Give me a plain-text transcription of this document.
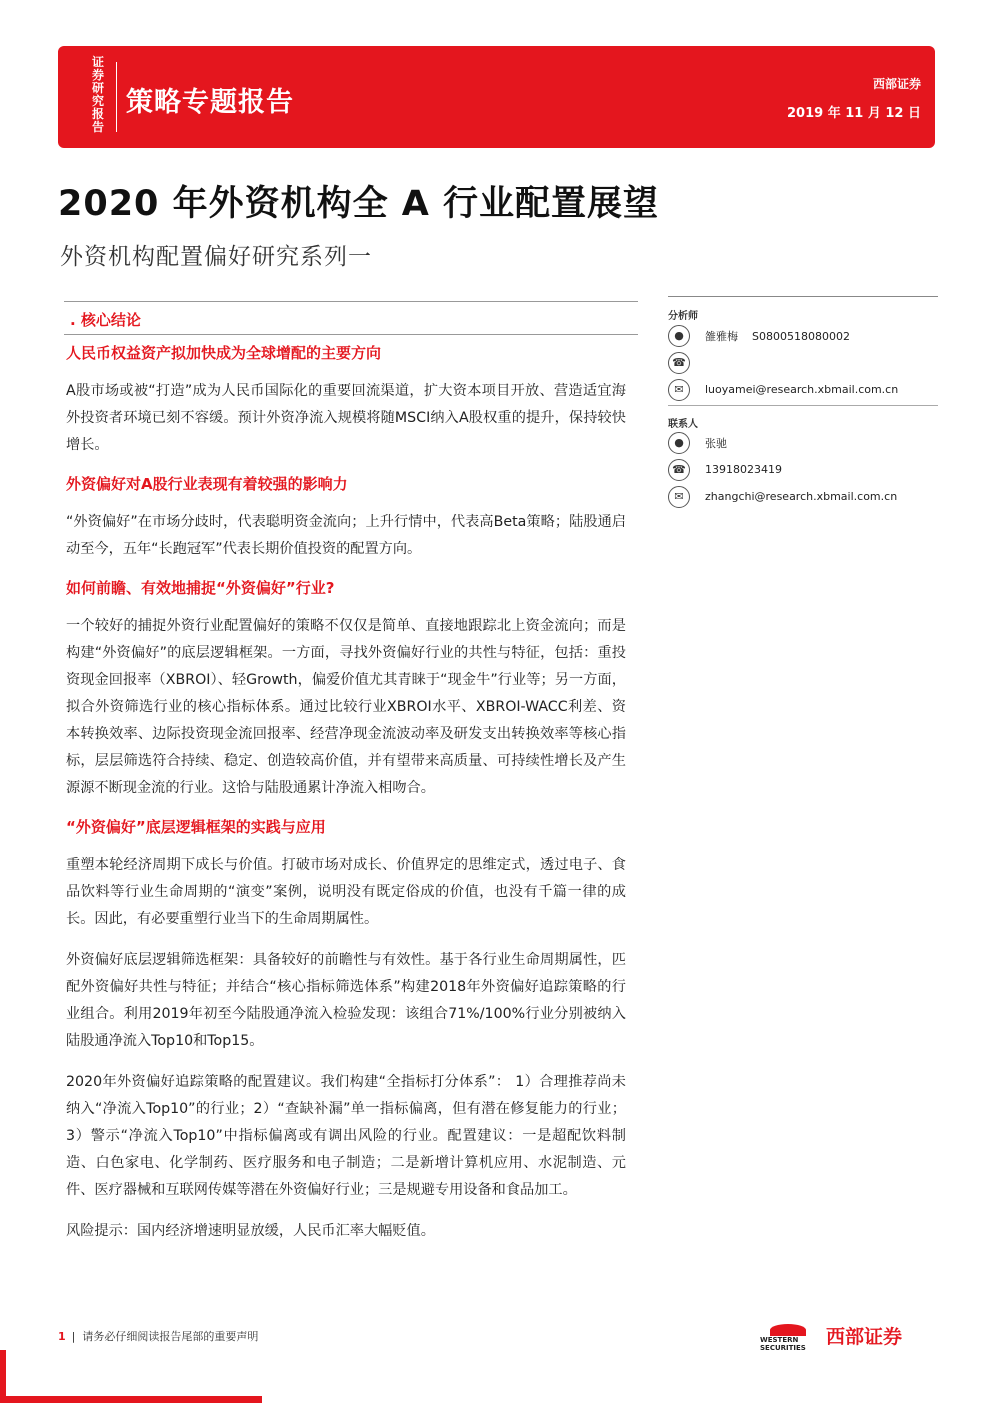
证券研究报告
策略专题报告
西部证券
2019 年 11 月 12 日
2020 年外资机构全 A 行业配置展望
外资机构配置偏好研究系列一
. 核心结论
人民币权益资产拟加快成为全球增配的主要方向
A股市场或被“打造”成为人民币国际化的重要回流渠道，扩大资本项目开放、营造适宜海外投资者环境已刻不容缓。预计外资净流入规模将随MSCI纳入A股权重的提升，保持较快增长。
外资偏好对A股行业表现有着较强的影响力
“外资偏好”在市场分歧时，代表聪明资金流向；上升行情中，代表高Beta策略；陆股通启动至今，五年“长跑冠军”代表长期价值投资的配置方向。
如何前瞻、有效地捕捉“外资偏好”行业?
一个较好的捕捉外资行业配置偏好的策略不仅仅是简单、直接地跟踪北上资金流向；而是构建“外资偏好”的底层逻辑框架。一方面，寻找外资偏好行业的共性与特征，包括：重投资现金回报率（XBROI）、轻Growth，偏爱价值尤其青睐于“现金牛”行业等；另一方面，拟合外资筛选行业的核心指标体系。通过比较行业XBROI水平、XBROI-WACC利差、资本转换效率、边际投资现金流回报率、经营净现金流波动率及研发支出转换效率等核心指标，层层筛选符合持续、稳定、创造较高价值，并有望带来高质量、可持续性增长及产生源源不断现金流的行业。这恰与陆股通累计净流入相吻合。
“外资偏好”底层逻辑框架的实践与应用
重塑本轮经济周期下成长与价值。打破市场对成长、价值界定的思维定式，透过电子、食品饮料等行业生命周期的“演变”案例，说明没有既定俗成的价值，也没有千篇一律的成长。因此，有必要重塑行业当下的生命周期属性。
外资偏好底层逻辑筛选框架：具备较好的前瞻性与有效性。基于各行业生命周期属性，匹配外资偏好共性与特征；并结合“核心指标筛选体系”构建2018年外资偏好追踪策略的行业组合。利用2019年初至今陆股通净流入检验发现：该组合71%/100%行业分别被纳入陆股通净流入Top10和Top15。
2020年外资偏好追踪策略的配置建议。我们构建“全指标打分体系”： 1）合理推荐尚未纳入“净流入Top10”的行业；2）“查缺补漏”单一指标偏离，但有潜在修复能力的行业；3）警示“净流入Top10”中指标偏离或有调出风险的行业。配置建议：一是超配饮料制造、白色家电、化学制药、医疗服务和电子制造；二是新增计算机应用、水泥制造、元件、医疗器械和互联网传媒等潜在外资偏好行业；三是规避专用设备和食品加工。
风险提示：国内经济增速明显放缓，人民币汇率大幅贬值。
分析师
●	雒雅梅 S0800518080002
☎
✉	luoyamei@research.xbmail.com.cn
联系人
●	张驰
☎	13918023419
✉	zhangchi@research.xbmail.com.cn
1 |  请务必仔细阅读报告尾部的重要声明	WESTERN SECURITIES	西部证券
